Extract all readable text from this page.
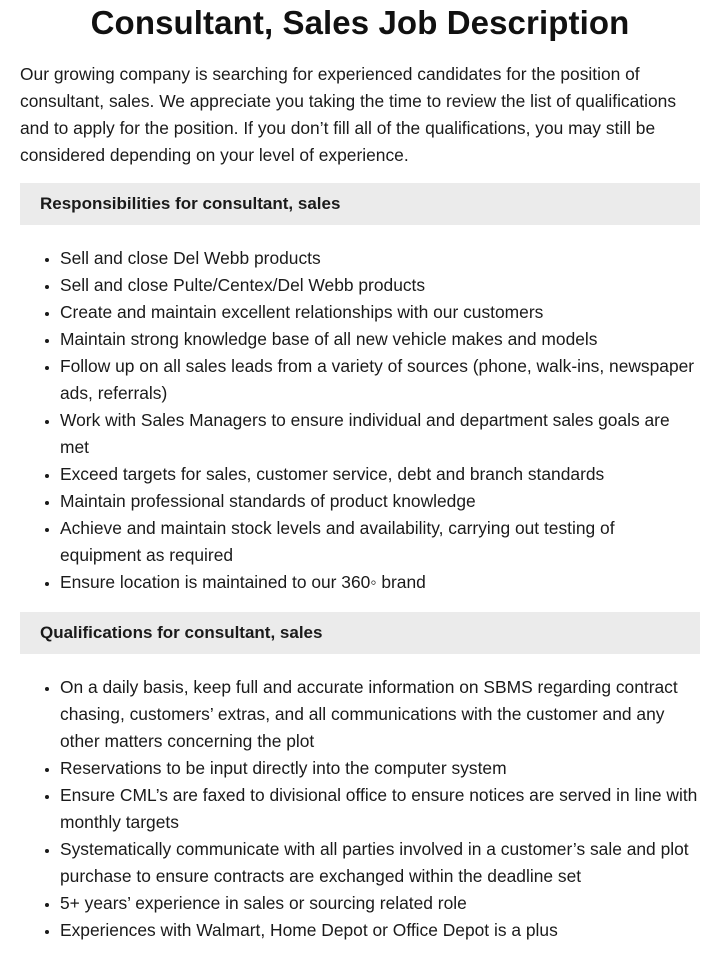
Consultant, Sales Job Description

Our growing company is searching for experienced candidates for the position of consultant, sales. We appreciate you taking the time to review the list of qualifications and to apply for the position. If you don’t fill all of the qualifications, you may still be considered depending on your level of experience.

Responsibilities for consultant, sales
• Sell and close Del Webb products
• Sell and close Pulte/Centex/Del Webb products
• Create and maintain excellent relationships with our customers
• Maintain strong knowledge base of all new vehicle makes and models
• Follow up on all sales leads from a variety of sources (phone, walk-ins, newspaper ads, referrals)
• Work with Sales Managers to ensure individual and department sales goals are met
• Exceed targets for sales, customer service, debt and branch standards
• Maintain professional standards of product knowledge
• Achieve and maintain stock levels and availability, carrying out testing of equipment as required
• Ensure location is maintained to our 360◦ brand
Qualifications for consultant, sales
• On a daily basis, keep full and accurate information on SBMS regarding contract chasing, customers’ extras, and all communications with the customer and any other matters concerning the plot
• Reservations to be input directly into the computer system
• Ensure CML’s are faxed to divisional office to ensure notices are served in line with monthly targets
• Systematically communicate with all parties involved in a customer’s sale and plot purchase to ensure contracts are exchanged within the deadline set
• 5+ years’ experience in sales or sourcing related role
• Experiences with Walmart, Home Depot or Office Depot is a plus
